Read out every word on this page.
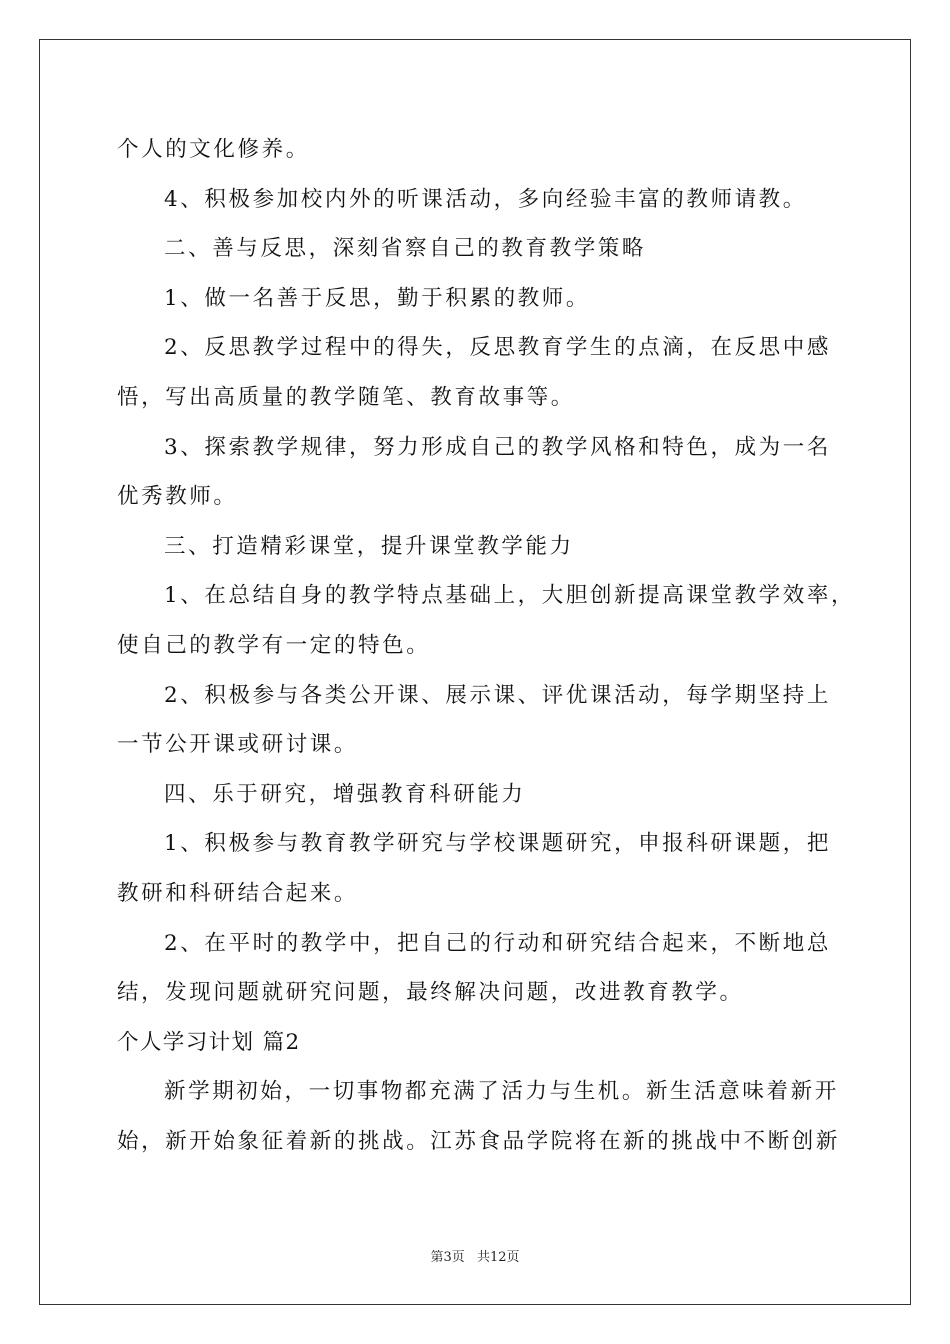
个人的文化修养。
4、积极参加校内外的听课活动，多向经验丰富的教师请教。
二、善与反思，深刻省察自己的教育教学策略
1、做一名善于反思，勤于积累的教师。
2、反思教学过程中的得失，反思教育学生的点滴，在反思中感
悟，写出高质量的教学随笔、教育故事等。
3、探索教学规律，努力形成自己的教学风格和特色，成为一名
优秀教师。
三、打造精彩课堂，提升课堂教学能力
1、在总结自身的教学特点基础上，大胆创新提高课堂教学效率，
使自己的教学有一定的特色。
2、积极参与各类公开课、展示课、评优课活动，每学期坚持上
一节公开课或研讨课。
四、乐于研究，增强教育科研能力
1、积极参与教育教学研究与学校课题研究，申报科研课题，把
教研和科研结合起来。
2、在平时的教学中，把自己的行动和研究结合起来，不断地总
结，发现问题就研究问题，最终解决问题，改进教育教学。
个人学习计划 篇2
新学期初始，一切事物都充满了活力与生机。新生活意味着新开
始，新开始象征着新的挑战。江苏食品学院将在新的挑战中不断创新
第3页 共12页
